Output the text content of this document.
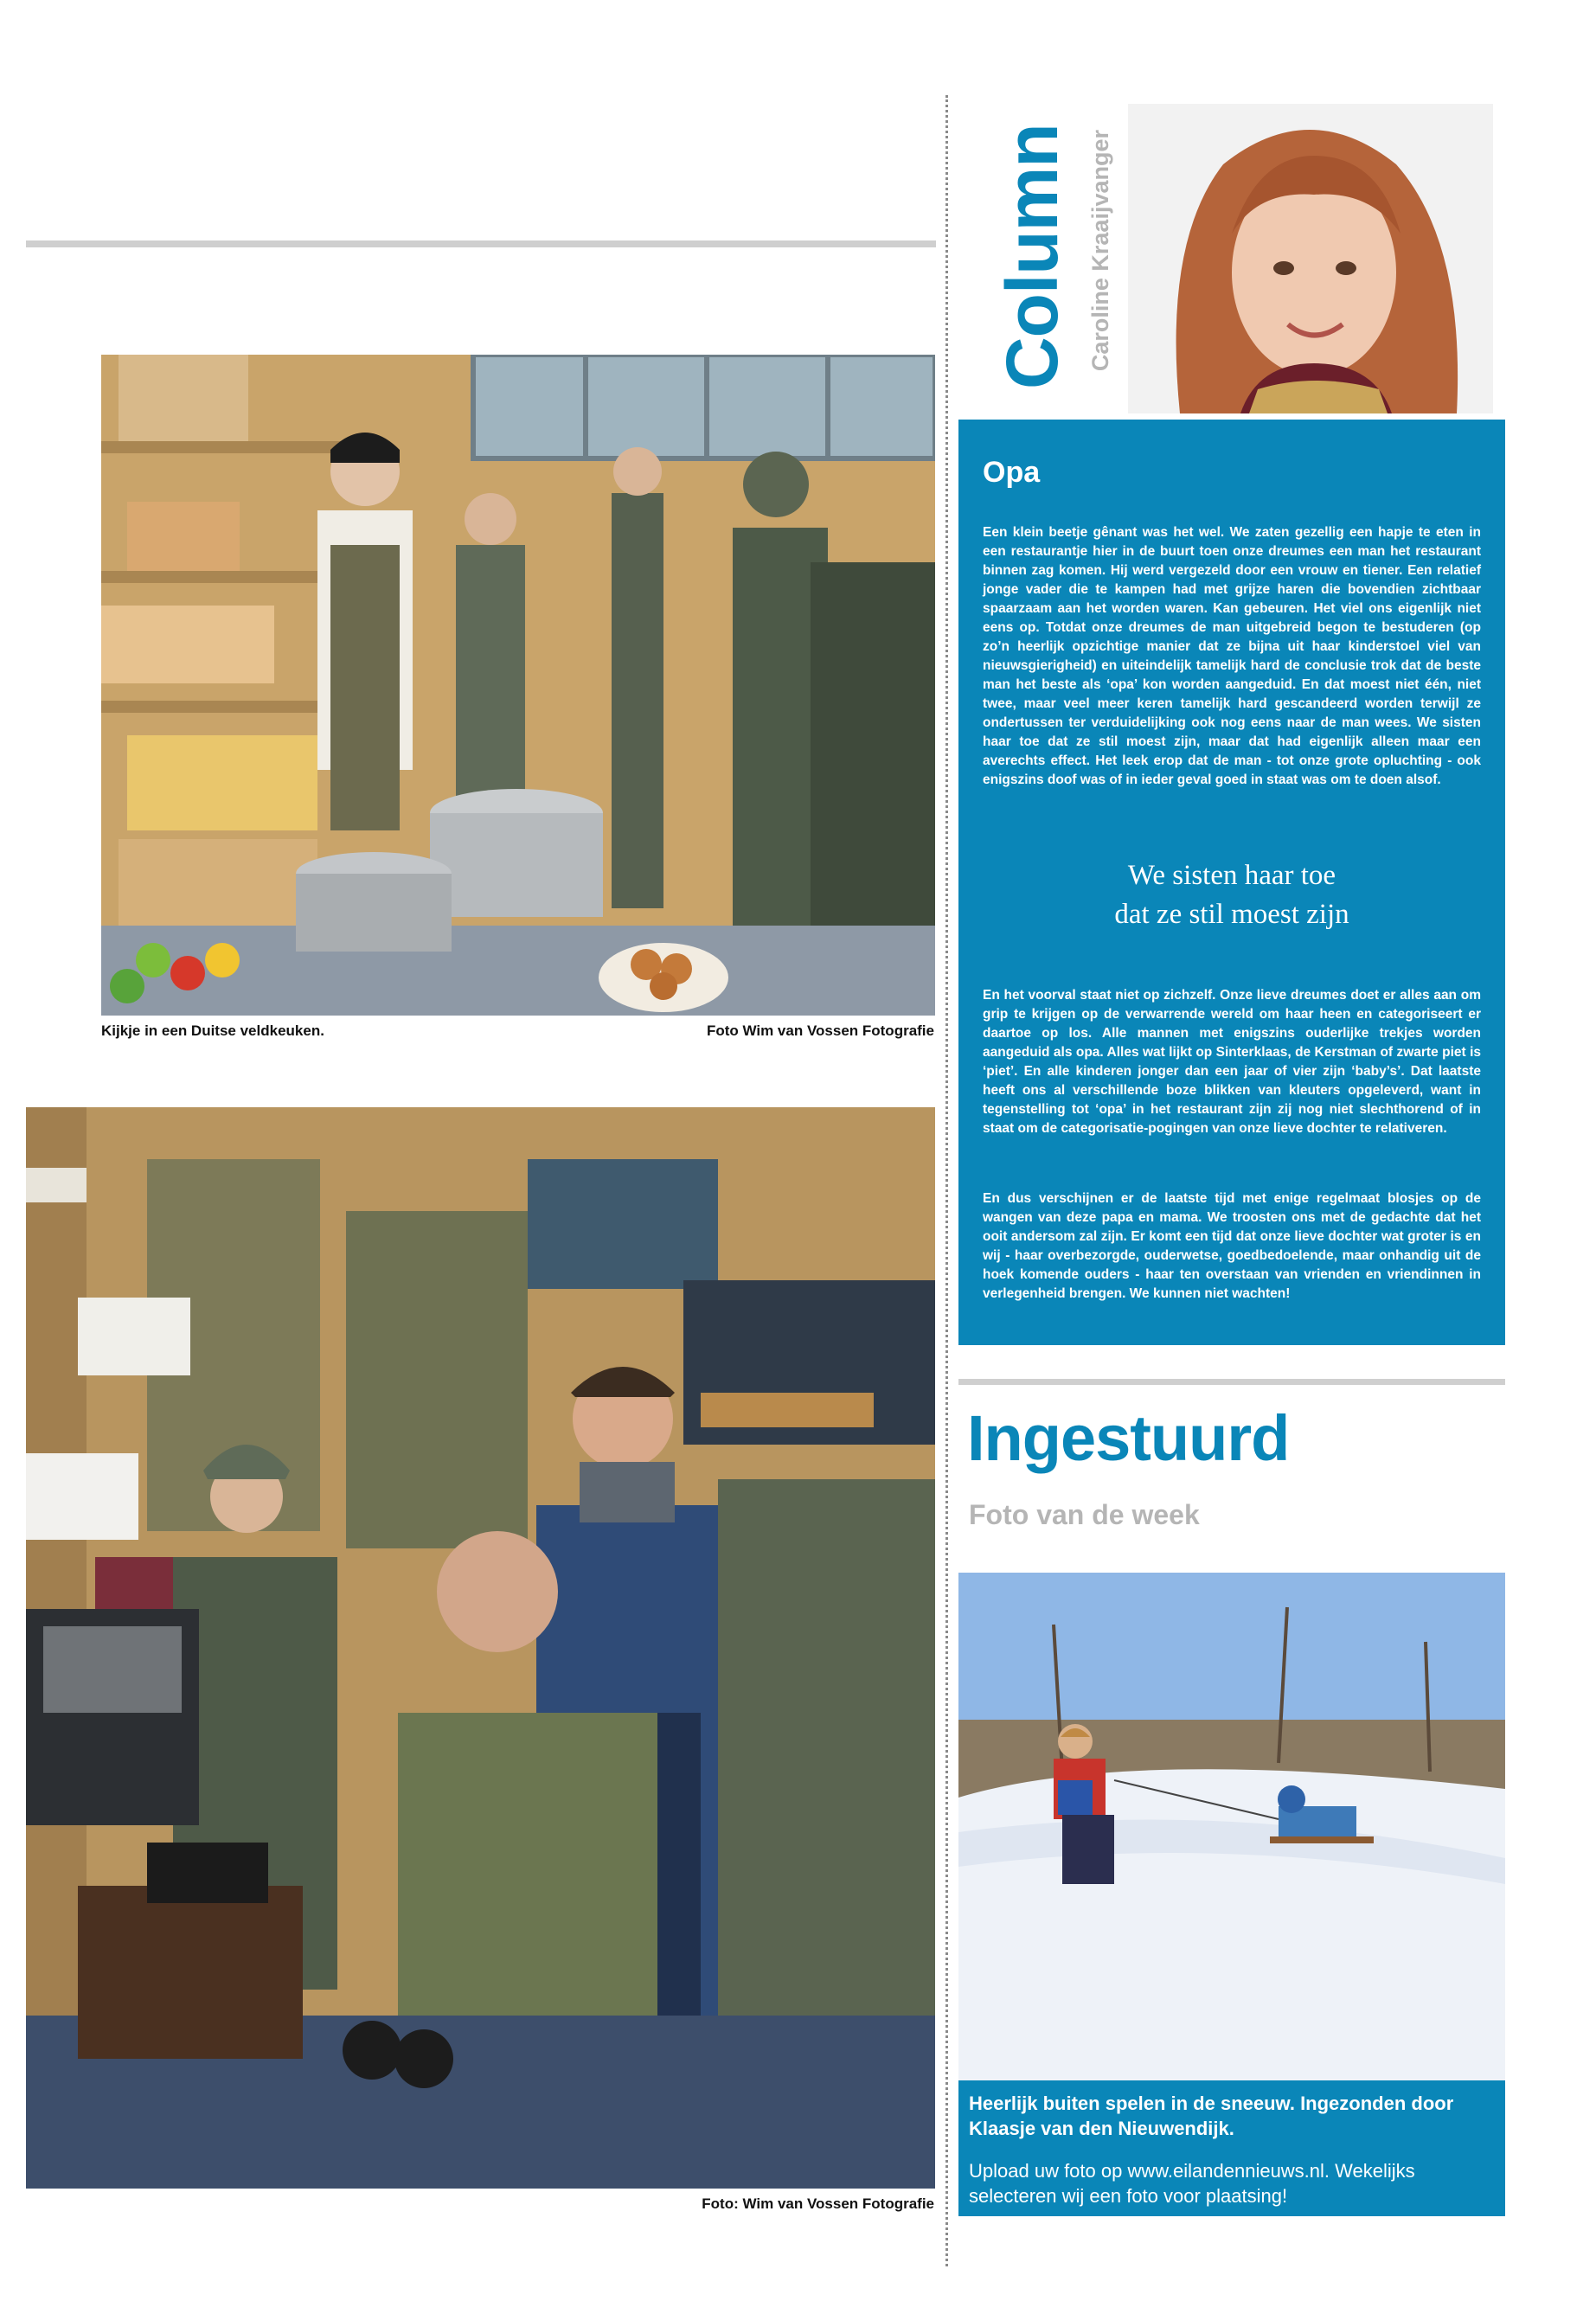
Kijkje in een Duitse veldkeuken.	Foto Wim van Vossen Fotografie
Foto: Wim van Vossen Fotografie
Column Caroline Kraaijvanger
Opa

Een klein beetje gênant was het wel. We zaten gezellig een hapje te eten in een restaurantje hier in de buurt toen onze dreumes een man het restaurant binnen zag komen. Hij werd vergezeld door een vrouw en tiener. Een relatief jonge vader die te kampen had met grijze haren die bovendien zichtbaar spaarzaam aan het worden waren. Kan gebeuren. Het viel ons eigenlijk niet eens op. Totdat onze dreumes de man uitgebreid begon te bestuderen (op zo’n heerlijk opzichtige manier dat ze bijna uit haar kinderstoel viel van nieuwsgierigheid) en uiteindelijk tamelijk hard de conclusie trok dat de beste man het beste als ‘opa’ kon worden aangeduid. En dat moest niet één, niet twee, maar veel meer keren tamelijk hard gescandeerd worden terwijl ze ondertussen ter verduidelijking ook nog eens naar de man wees. We sisten haar toe dat ze stil moest zijn, maar dat had eigenlijk alleen maar een averechts effect. Het leek erop dat de man - tot onze grote opluchting - ook enigszins doof was of in ieder geval goed in staat was om te doen alsof.

We sisten haar toe
dat ze stil moest zijn

En het voorval staat niet op zichzelf. Onze lieve dreumes doet er alles aan om grip te krijgen op de verwarrende wereld om haar heen en categoriseert er daartoe op los. Alle mannen met enigszins ouderlijke trekjes worden aangeduid als opa. Alles wat lijkt op Sinterklaas, de Kerstman of zwarte piet is ‘piet’. En alle kinderen jonger dan een jaar of vier zijn ‘baby’s’. Dat laatste heeft ons al verschillende boze blikken van kleuters opgeleverd, want in tegenstelling tot ‘opa’ in het restaurant zijn zij nog niet slechthorend of in staat om de categorisatie-pogingen van onze lieve dochter te relativeren.

En dus verschijnen er de laatste tijd met enige regelmaat blosjes op de wangen van deze papa en mama. We troosten ons met de gedachte dat het ooit andersom zal zijn. Er komt een tijd dat onze lieve dochter wat groter is en wij - haar overbezorgde, ouderwetse, goedbedoelende, maar onhandig uit de hoek komende ouders - haar ten overstaan van vrienden en vriendinnen in verlegenheid brengen. We kunnen niet wachten!

Ingestuurd
Foto van de week
Heerlijk buiten spelen in de sneeuw. Ingezonden door Klaasje van den Nieuwendijk.
Upload uw foto op www.eilandennieuws.nl. Wekelijks selecteren wij een foto voor plaatsing!
